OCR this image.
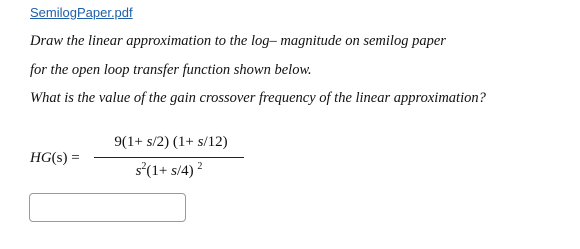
SemilogPaper.pdf
Draw the linear approximation to the log– magnitude on semilog paper
for the open loop transfer function shown below.
What is the value of the gain crossover frequency of the linear approximation?
HG(s) =
9(1+ s/2) (1+ s/12)
$s^2(1+ s/4)$ $^2$
